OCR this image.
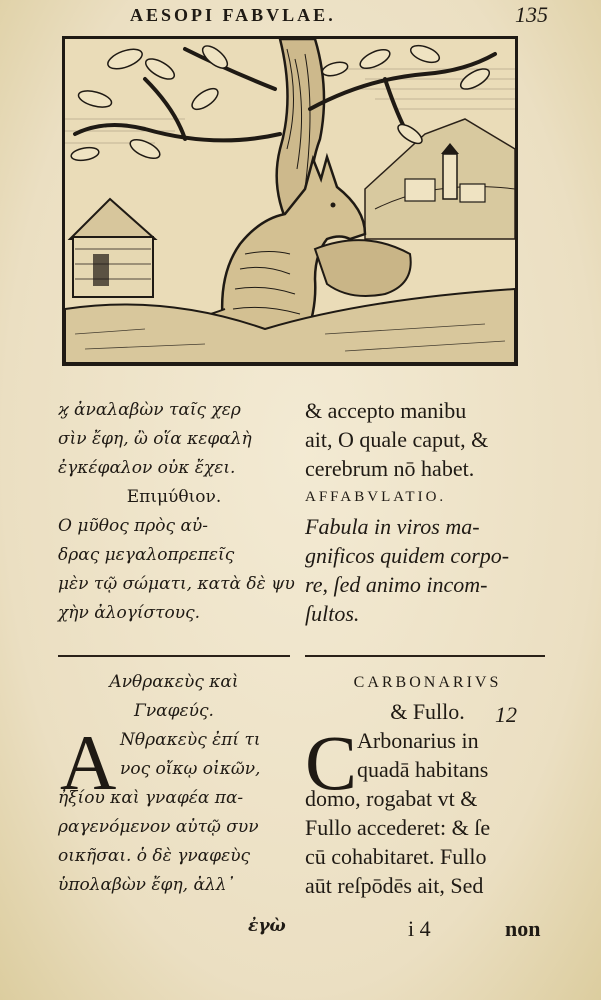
AESOPI FABVLAE.	135

ϗ ἀναλαβὼν ταῖς χερ

σὶν ἔφη, ὢ οἵα κεφαλὴ

ἐγκέφαλον οὐκ ἔχει.

Επιμύθιον.

Ο μῦθος πρὸς αὐ-

δρας μεγαλοπρεπεῖς

μὲν τῷ σώματι, κατὰ δὲ ψυ

χὴν ἀλογίστους.

& accepto manibu

ait, O quale caput, &

cerebrum nō habet.

AFFABVLATIO.

Fabula in viros ma-

gnificos quidem corpo-

re, ſed animo incom-

ſultos.

Ανθρακεὺς καὶ

Γναφεύς.

A Νθρακεὺς ἐπί τι

νος οἴκῳ οἰκῶν,

ἠξίου καὶ γναφέα πα-

ραγενόμενον αὐτῷ συν

οικῆσαι. ὁ δὲ γναφεὺς

ὑπολαβὼν ἔφη, ἀλλ᾽

CARBONARIVS

& Fullo.

C Arbonarius in

quadā habitans

domo, rogabat vt &

Fullo accederet: & ſe

cū cohabitaret. Fullo

aūt reſpōdēs ait, Sed

12
ἐγὼ	i 4	non
